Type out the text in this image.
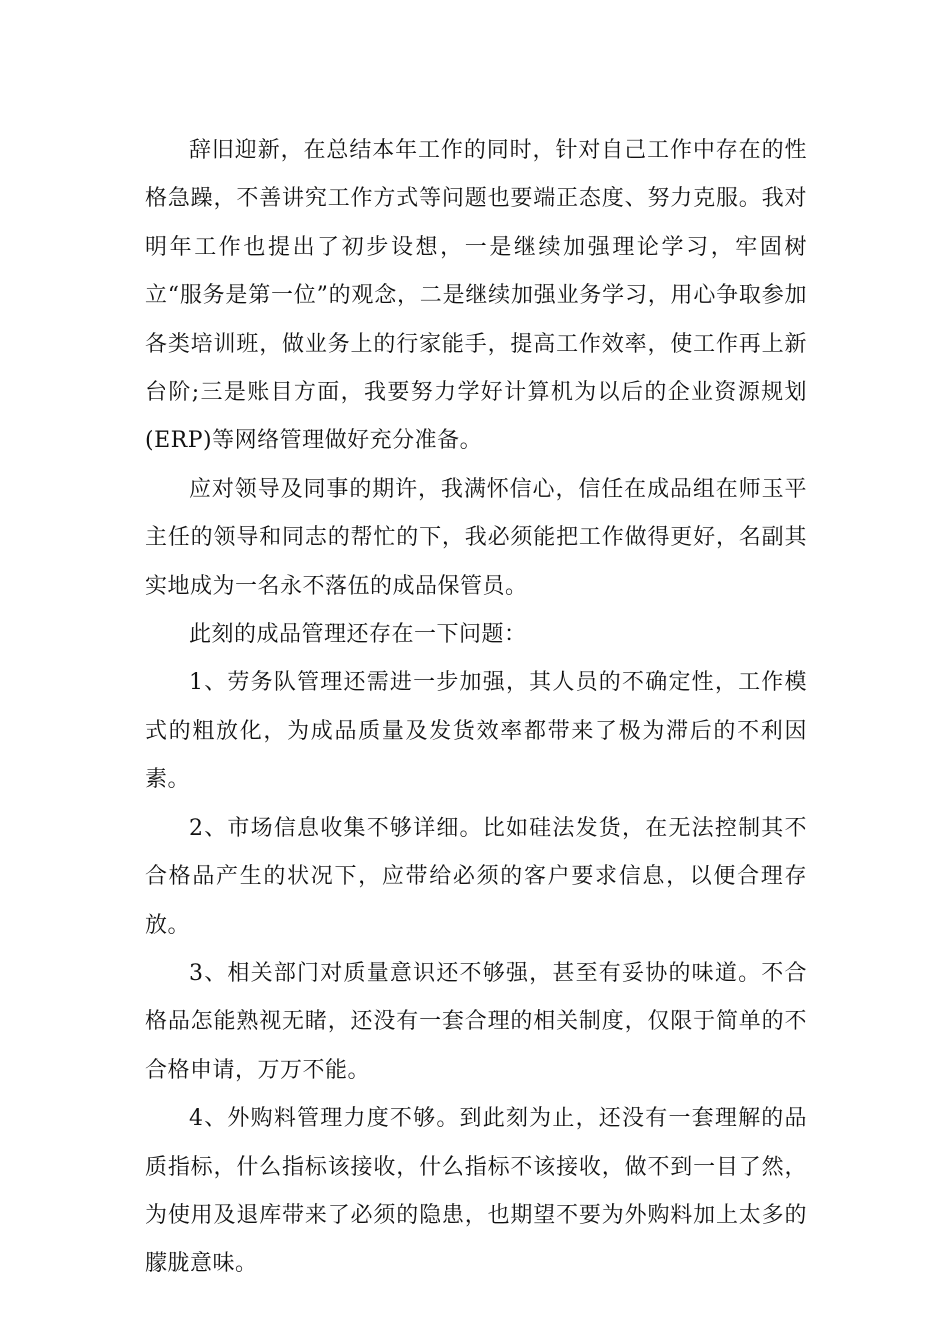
辞旧迎新，在总结本年工作的同时，针对自己工作中存在的性格急躁，不善讲究工作方式等问题也要端正态度、努力克服。我对明年工作也提出了初步设想，一是继续加强理论学习，牢固树立“服务是第一位”的观念，二是继续加强业务学习，用心争取参加各类培训班，做业务上的行家能手，提高工作效率，使工作再上新台阶;三是账目方面，我要努力学好计算机为以后的企业资源规划(ERP)等网络管理做好充分准备。

应对领导及同事的期许，我满怀信心，信任在成品组在师玉平主任的领导和同志的帮忙的下，我必须能把工作做得更好，名副其实地成为一名永不落伍的成品保管员。

此刻的成品管理还存在一下问题：

1、劳务队管理还需进一步加强，其人员的不确定性，工作模式的粗放化，为成品质量及发货效率都带来了极为滞后的不利因素。

2、市场信息收集不够详细。比如硅法发货，在无法控制其不合格品产生的状况下，应带给必须的客户要求信息，以便合理存放。

3、相关部门对质量意识还不够强，甚至有妥协的味道。不合格品怎能熟视无睹，还没有一套合理的相关制度，仅限于简单的不合格申请，万万不能。

4、外购料管理力度不够。到此刻为止，还没有一套理解的品质指标，什么指标该接收，什么指标不该接收，做不到一目了然，为使用及退库带来了必须的隐患，也期望不要为外购料加上太多的朦胧意味。
